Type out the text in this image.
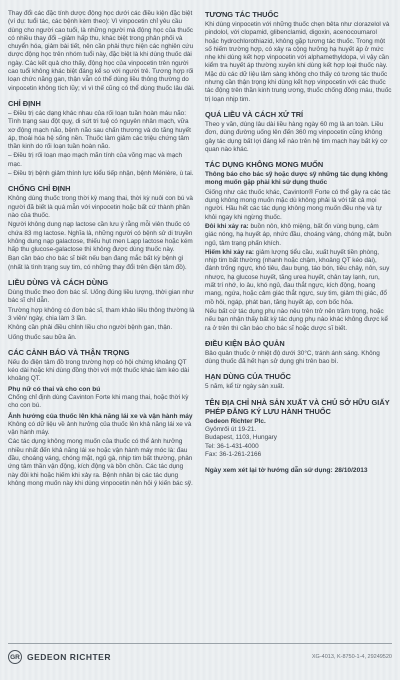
Thay đổi các đặc tính dược động học dưới các điều kiện đặc biệt (ví dụ: tuổi tác, các bệnh kèm theo): Vì vinpocetin chỉ yêu cầu dùng cho người cao tuổi, là những người mà động học của thuốc có nhiều thay đổi –giảm hấp thu, khác biệt trong phân phối và chuyển hóa, giảm bài tiết, nên cần phải thực hiện các nghiên cứu dược động học trên nhóm tuổi này, đặc biệt là khi dùng thuốc dài ngày. Các kết quả cho thấy, động học của vinpocetin trên người cao tuổi không khác biệt đáng kể so với người trẻ. Tương hợp rối loạn chức năng gan, thận vẫn có thể dùng liều thông thường do vinpocetin không tích lũy; vì vì thế cũng có thể dùng thuốc lâu dài.

CHỈ ĐỊNH

– Điều trị các dạng khác nhau của rối loạn tuần hoàn máu não: Tình trạng sau đột quỵ, di sứt tri tuệ có nguyên nhân mạch, vữa xơ động mạch não, bệnh não sau chấn thương và do tăng huyết áp, thoái hóa hệ sống nền. Thuốc làm giảm các triệu chứng tâm thần kinh do rối loạn tuần hoàn não.

– Điều trị rối loạn mạo mạch mãn tính của võng mạc và mạch mạc.

– Điều trị bệnh giảm thính lực kiểu tiếp nhận, bệnh Ménière, ù tai.

CHỐNG CHỈ ĐỊNH

Không dùng thuốc trong thời kỳ mang thai, thời kỳ nuôi con bú và người đã biết là quá mẫn với vinpocetin hoặc bất cứ thành phần nào của thuốc.

Người không dung nạp lactose cần lưu ý rằng mỗi viên thuốc có chứa 83 mg lactose. Nghĩa là, những người có bệnh sử di truyền không dung nạp galactose, thiếu hụt men Lapp lactose hoặc kém hấp thu glucose-galactose thì không được dùng thuốc này.

Bạn cần báo cho bác sĩ biết nếu bạn đang mắc bất kỳ bệnh gì (nhất là tình trạng suy tim, có những thay đổi trên điện tâm đồ).

LIỀU DÙNG VÀ CÁCH DÙNG

Dùng thuốc theo đơn bác sĩ. Uống đúng liều lượng, thời gian như bác sĩ chỉ dẫn.

Trường hợp không có đơn bác sĩ, tham khảo liều thông thường là 3 viên/ ngày, chia làm 3 lần.

Không cần phải điều chỉnh liều cho người bệnh gan, thận.

Uống thuốc sau bữa ăn.

CÁC CẢNH BÁO VÀ THẬN TRỌNG

Nếu đo điện tâm đồ trong trường hợp có hội chứng khoảng QT kéo dài hoặc khi dùng đồng thời với một thuốc khác làm kéo dài khoảng QT.

Phụ nữ có thai và cho con bú

Chống chỉ định dùng Cavinton Forte khi mang thai, hoặc thời kỳ cho con bú.

Ảnh hưởng của thuốc lên khả năng lái xe và vận hành máy

Không có dữ liệu về ảnh hưởng của thuốc lên khả năng lái xe và vận hành máy.

Các tác dụng không mong muốn của thuốc có thể ảnh hưởng nhiều nhất đến khả năng lái xe hoặc vận hành máy móc là: đau đầu, choáng váng, chóng mặt, ngủ gà, nhịp tim bất thường, phản ứng tâm thần vận động, kích động và bồn chồn. Các tác dụng này đôi khi hoặc hiếm khi xảy ra. Bệnh nhân bị các tác dụng không mong muốn này khi dùng vinpocetin nên hỏi ý kiến bác sỹ.

TƯƠNG TÁC THUỐC

Khi dùng vinpocetin với những thuốc chẹn bêta như clorazelol và pindolol, với clopamid, glibenclamid, digoxin, acenocoumarol hoặc hydrochlorothiazid, không gặp tương tác thuốc. Trong một số hiếm trường hợp, có xảy ra cộng hưởng hạ huyết áp ở mức nhẹ khi dùng kết hợp vinpocetin với alphamethyldopa, vì vậy cần kiểm tra huyết áp thường xuyên khi dùng kết hợp loại thuốc này. Mặc dù các dữ liệu lâm sàng không cho thấy có tương tác thuốc nhưng cần thận trọng khi dùng kết hợp vinpocetin với các thuốc tác động trên thần kinh trung ương, thuốc chống đông máu, thuốc trị loạn nhịp tim.

QUÁ LIỀU VÀ CÁCH XỬ TRÍ

Theo y văn, dùng lâu dài liều hàng ngày 60 mg là an toàn. Liều đơn, dùng đường uống lên đến 360 mg vinpocetin cũng không gây tác dụng bất lợi đáng kể nào trên hệ tim mạch hay bất kỳ cơ quan nào khác.

TÁC DỤNG KHÔNG MONG MUỐN

Thông báo cho bác sỹ hoặc dược sỹ những tác dụng không mong muốn gặp phải khi sử dụng thuốc

Giống như các thuốc khác, Cavinton® Forte có thể gây ra các tác dụng không mong muốn mặc dù không phải là với tất cả mọi người. Hầu hết các tác dụng không mong muốn đều nhẹ và tự khỏi ngay khi ngừng thuốc.

Đôi khi xảy ra: buồn nôn, khô miệng, bất ổn vùng bụng, cảm giác nóng, hạ huyết áp, nhức đầu, choáng váng, chóng mặt, buồn ngủ, tâm trạng phấn khích.

Hiếm khi xảy ra: giảm lượng tiểu cầu, xuất huyết tiền phòng, nhịp tim bất thường (nhanh hoặc chậm, khoảng QT kéo dài), đánh trống ngực, khó tiêu, đau bụng, táo bón, tiêu chảy, nôn, suy nhược, hạ glucose huyết, tăng urea huyết, chân tay lạnh, run, mất trí nhớ, lo âu, khó ngủ, đau thắt ngực, kích động, hoang mang, ngứa, hoặc cảm giác thắt ngực, suy tim, giảm thị giác, đổ mồ hôi, ngáp, phát ban, tăng huyết áp, cơn bốc hỏa.

Nếu bất cứ tác dụng phụ nào nêu trên trở nên trầm trọng, hoặc nếu bạn nhận thấy bất kỳ tác dụng phụ nào khác không được kể ra ở trên thì cần báo cho bác sĩ hoặc dược sĩ biết.

ĐIỀU KIỆN BẢO QUẢN

Bảo quản thuốc ở nhiệt độ dưới 30°C, tránh ánh sáng. Không dùng thuốc đã hết hạn sử dụng ghi trên bao bì.

HẠN DÙNG CỦA THUỐC

5 năm, kể từ ngày sản xuất.

TÊN ĐỊA CHỈ NHÀ SẢN XUẤT VÀ CHỦ SỞ HỮU GIẤY PHÉP ĐĂNG KÝ LƯU HÀNH THUỐC

Gedeon Richter Plc.

Gyömrői út 19-21.

Budapest, 1103, Hungary

Tel: 36-1-431-4000

Fax: 36-1-261-2166

Ngày xem xét lại tờ hướng dẫn sử dụng: 28/10/2013
GR GEDEON RICHTER	XG-4013, K-8750-1-4, 29249520
